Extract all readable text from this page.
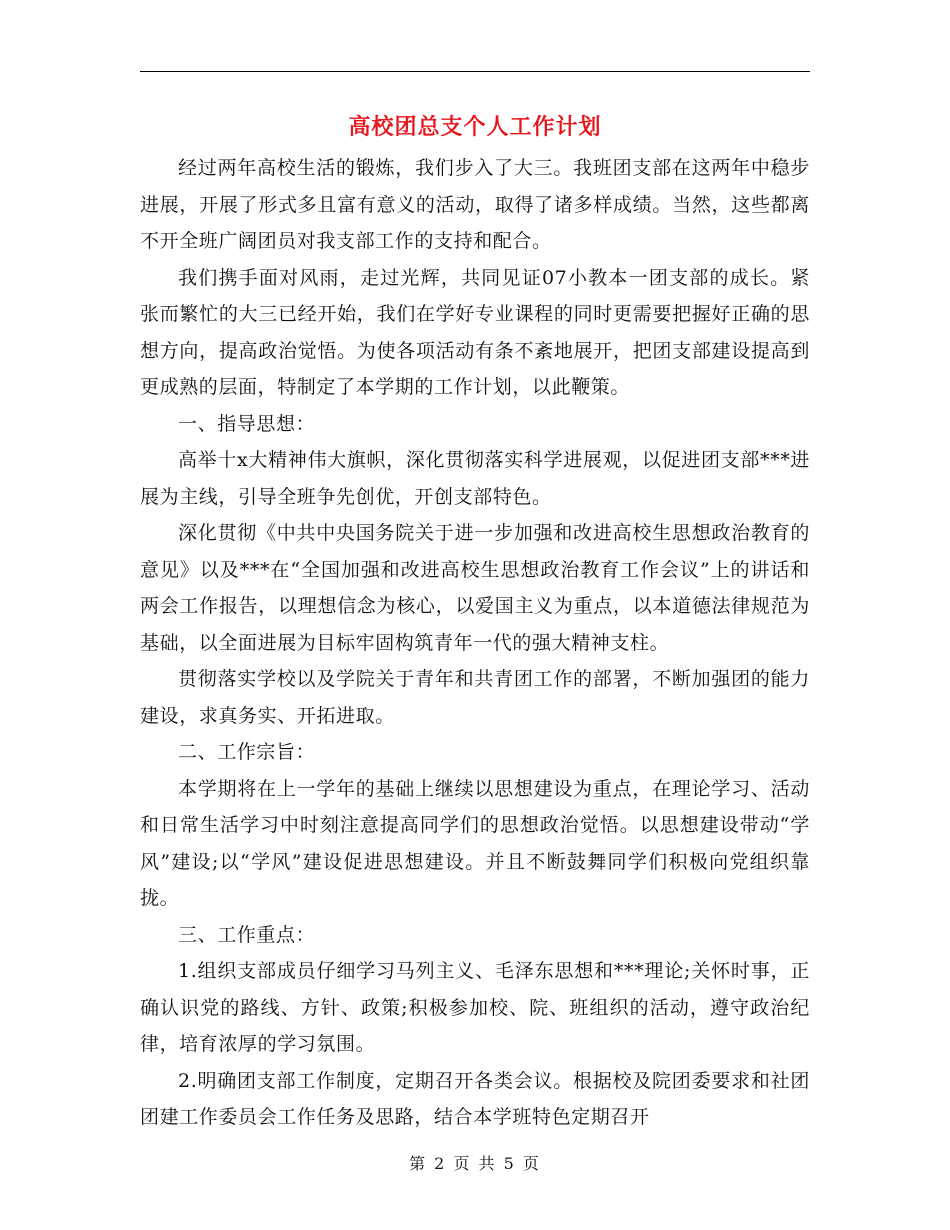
高校团总支个人工作计划

经过两年高校生活的锻炼，我们步入了大三。我班团支部在这两年中稳步进展，开展了形式多且富有意义的活动，取得了诸多样成绩。当然，这些都离不开全班广阔团员对我支部工作的支持和配合。

我们携手面对风雨，走过光辉，共同见证07小教本一团支部的成长。紧张而繁忙的大三已经开始，我们在学好专业课程的同时更需要把握好正确的思想方向，提高政治觉悟。为使各项活动有条不紊地展开，把团支部建设提高到更成熟的层面，特制定了本学期的工作计划，以此鞭策。

一、指导思想：

高举十x大精神伟大旗帜，深化贯彻落实科学进展观，以促进团支部***进展为主线，引导全班争先创优，开创支部特色。

深化贯彻《中共中央国务院关于进一步加强和改进高校生思想政治教育的意见》以及***在“全国加强和改进高校生思想政治教育工作会议”上的讲话和两会工作报告，以理想信念为核心，以爱国主义为重点，以本道德法律规范为基础，以全面进展为目标牢固构筑青年一代的强大精神支柱。

贯彻落实学校以及学院关于青年和共青团工作的部署，不断加强团的能力建设，求真务实、开拓进取。

二、工作宗旨：

本学期将在上一学年的基础上继续以思想建设为重点，在理论学习、活动和日常生活学习中时刻注意提高同学们的思想政治觉悟。以思想建设带动“学风”建设;以“学风”建设促进思想建设。并且不断鼓舞同学们积极向党组织靠拢。

三、工作重点：

1.组织支部成员仔细学习马列主义、毛泽东思想和***理论;关怀时事，正确认识党的路线、方针、政策;积极参加校、院、班组织的活动，遵守政治纪律，培育浓厚的学习氛围。

2.明确团支部工作制度，定期召开各类会议。根据校及院团委要求和社团团建工作委员会工作任务及思路，结合本学班特色定期召开

第 2 页 共 5 页
